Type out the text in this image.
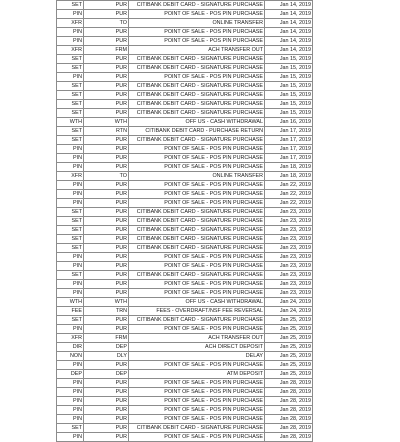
SET	PUR	CITIBANK DEBIT CARD - SIGNATURE PURCHASE	Jan 14, 2019
PIN	PUR	POINT OF SALE - POS PIN PURCHASE	Jan 14, 2019
XFR	TO	ONLINE TRANSFER	Jan 14, 2019
PIN	PUR	POINT OF SALE - POS PIN PURCHASE	Jan 14, 2019
PIN	PUR	POINT OF SALE - POS PIN PURCHASE	Jan 14, 2019
XFR	FRM	ACH TRANSFER OUT	Jan 14, 2019
SET	PUR	CITIBANK DEBIT CARD - SIGNATURE PURCHASE	Jan 15, 2019
SET	PUR	CITIBANK DEBIT CARD - SIGNATURE PURCHASE	Jan 15, 2019
PIN	PUR	POINT OF SALE - POS PIN PURCHASE	Jan 15, 2019
SET	PUR	CITIBANK DEBIT CARD - SIGNATURE PURCHASE	Jan 15, 2019
SET	PUR	CITIBANK DEBIT CARD - SIGNATURE PURCHASE	Jan 15, 2019
SET	PUR	CITIBANK DEBIT CARD - SIGNATURE PURCHASE	Jan 15, 2019
SET	PUR	CITIBANK DEBIT CARD - SIGNATURE PURCHASE	Jan 15, 2019
WTH	WTH	OFF US - CASH WITHDRAWAL	Jan 16, 2019
SET	RTN	CITIBANK DEBIT CARD - PURCHASE RETURN	Jan 17, 2019
SET	PUR	CITIBANK DEBIT CARD - SIGNATURE PURCHASE	Jan 17, 2019
PIN	PUR	POINT OF SALE - POS PIN PURCHASE	Jan 17, 2019
PIN	PUR	POINT OF SALE - POS PIN PURCHASE	Jan 17, 2019
PIN	PUR	POINT OF SALE - POS PIN PURCHASE	Jan 18, 2019
XFR	TO	ONLINE TRANSFER	Jan 18, 2019
PIN	PUR	POINT OF SALE - POS PIN PURCHASE	Jan 22, 2019
PIN	PUR	POINT OF SALE - POS PIN PURCHASE	Jan 22, 2019
PIN	PUR	POINT OF SALE - POS PIN PURCHASE	Jan 22, 2019
SET	PUR	CITIBANK DEBIT CARD - SIGNATURE PURCHASE	Jan 23, 2019
SET	PUR	CITIBANK DEBIT CARD - SIGNATURE PURCHASE	Jan 23, 2019
SET	PUR	CITIBANK DEBIT CARD - SIGNATURE PURCHASE	Jan 23, 2019
SET	PUR	CITIBANK DEBIT CARD - SIGNATURE PURCHASE	Jan 23, 2019
SET	PUR	CITIBANK DEBIT CARD - SIGNATURE PURCHASE	Jan 23, 2019
PIN	PUR	POINT OF SALE - POS PIN PURCHASE	Jan 23, 2019
PIN	PUR	POINT OF SALE - POS PIN PURCHASE	Jan 23, 2019
SET	PUR	CITIBANK DEBIT CARD - SIGNATURE PURCHASE	Jan 23, 2019
PIN	PUR	POINT OF SALE - POS PIN PURCHASE	Jan 23, 2019
PIN	PUR	POINT OF SALE - POS PIN PURCHASE	Jan 23, 2019
WTH	WTH	OFF US - CASH WITHDRAWAL	Jan 24, 2019
FEE	TRN	FEES - OVERDRAFT/NSF FEE REVERSAL	Jan 24, 2019
SET	PUR	CITIBANK DEBIT CARD - SIGNATURE PURCHASE	Jan 25, 2019
PIN	PUR	POINT OF SALE - POS PIN PURCHASE	Jan 25, 2019
XFR	FRM	ACH TRANSFER OUT	Jan 25, 2019
DIR	DEP	ACH DIRECT DEPOSIT	Jan 25, 2019
NON	DLY	DELAY	Jan 25, 2019
PIN	PUR	POINT OF SALE - POS PIN PURCHASE	Jan 25, 2019
DEP	DEP	ATM DEPOSIT	Jan 25, 2019
PIN	PUR	POINT OF SALE - POS PIN PURCHASE	Jan 28, 2019
PIN	PUR	POINT OF SALE - POS PIN PURCHASE	Jan 28, 2019
PIN	PUR	POINT OF SALE - POS PIN PURCHASE	Jan 28, 2019
PIN	PUR	POINT OF SALE - POS PIN PURCHASE	Jan 28, 2019
PIN	PUR	POINT OF SALE - POS PIN PURCHASE	Jan 28, 2019
SET	PUR	CITIBANK DEBIT CARD - SIGNATURE PURCHASE	Jan 28, 2019
PIN	PUR	POINT OF SALE - POS PIN PURCHASE	Jan 28, 2019
